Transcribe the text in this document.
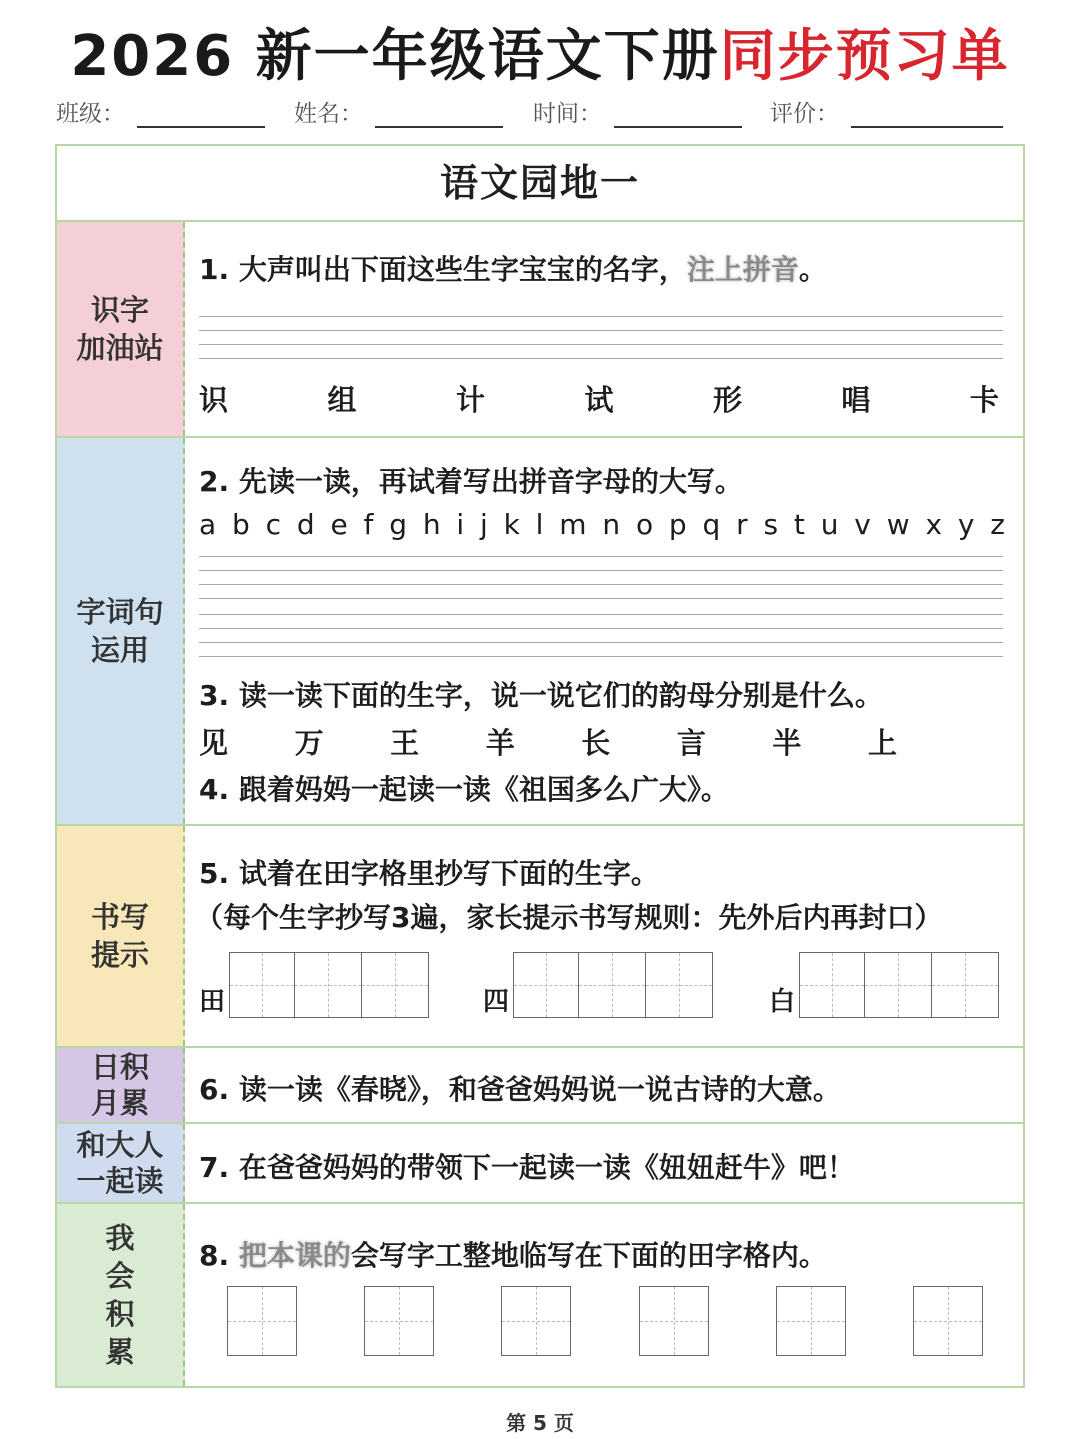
2026 新一年级语文下册同步预习单
班级：	姓名：	时间：	评价：
语文园地一
识字
加油站
1. 大声叫出下面这些生字宝宝的名字，注上拼音。
识	组	计	试	形	唱	卡
字词句
运用
2. 先读一读，再试着写出拼音字母的大写。
a b c d e f g h i j k l m n o p q r s t u v w x y z
3. 读一读下面的生字，说一说它们的韵母分别是什么。
见 万 王 羊 长 言 半 上
4. 跟着妈妈一起读一读《祖国多么广大》。
书写
提示
5. 试着在田字格里抄写下面的生字。
（每个生字抄写3遍，家长提示书写规则：先外后内再封口）
田	四	白
日积
月累 6. 读一读《春晓》，和爸爸妈妈说一说古诗的大意。
和大人
一起读 7. 在爸爸妈妈的带领下一起读一读《妞妞赶牛》吧！
我
会
积
累
8. 把本课的会写字工整地临写在下面的田字格内。
第 5 页
